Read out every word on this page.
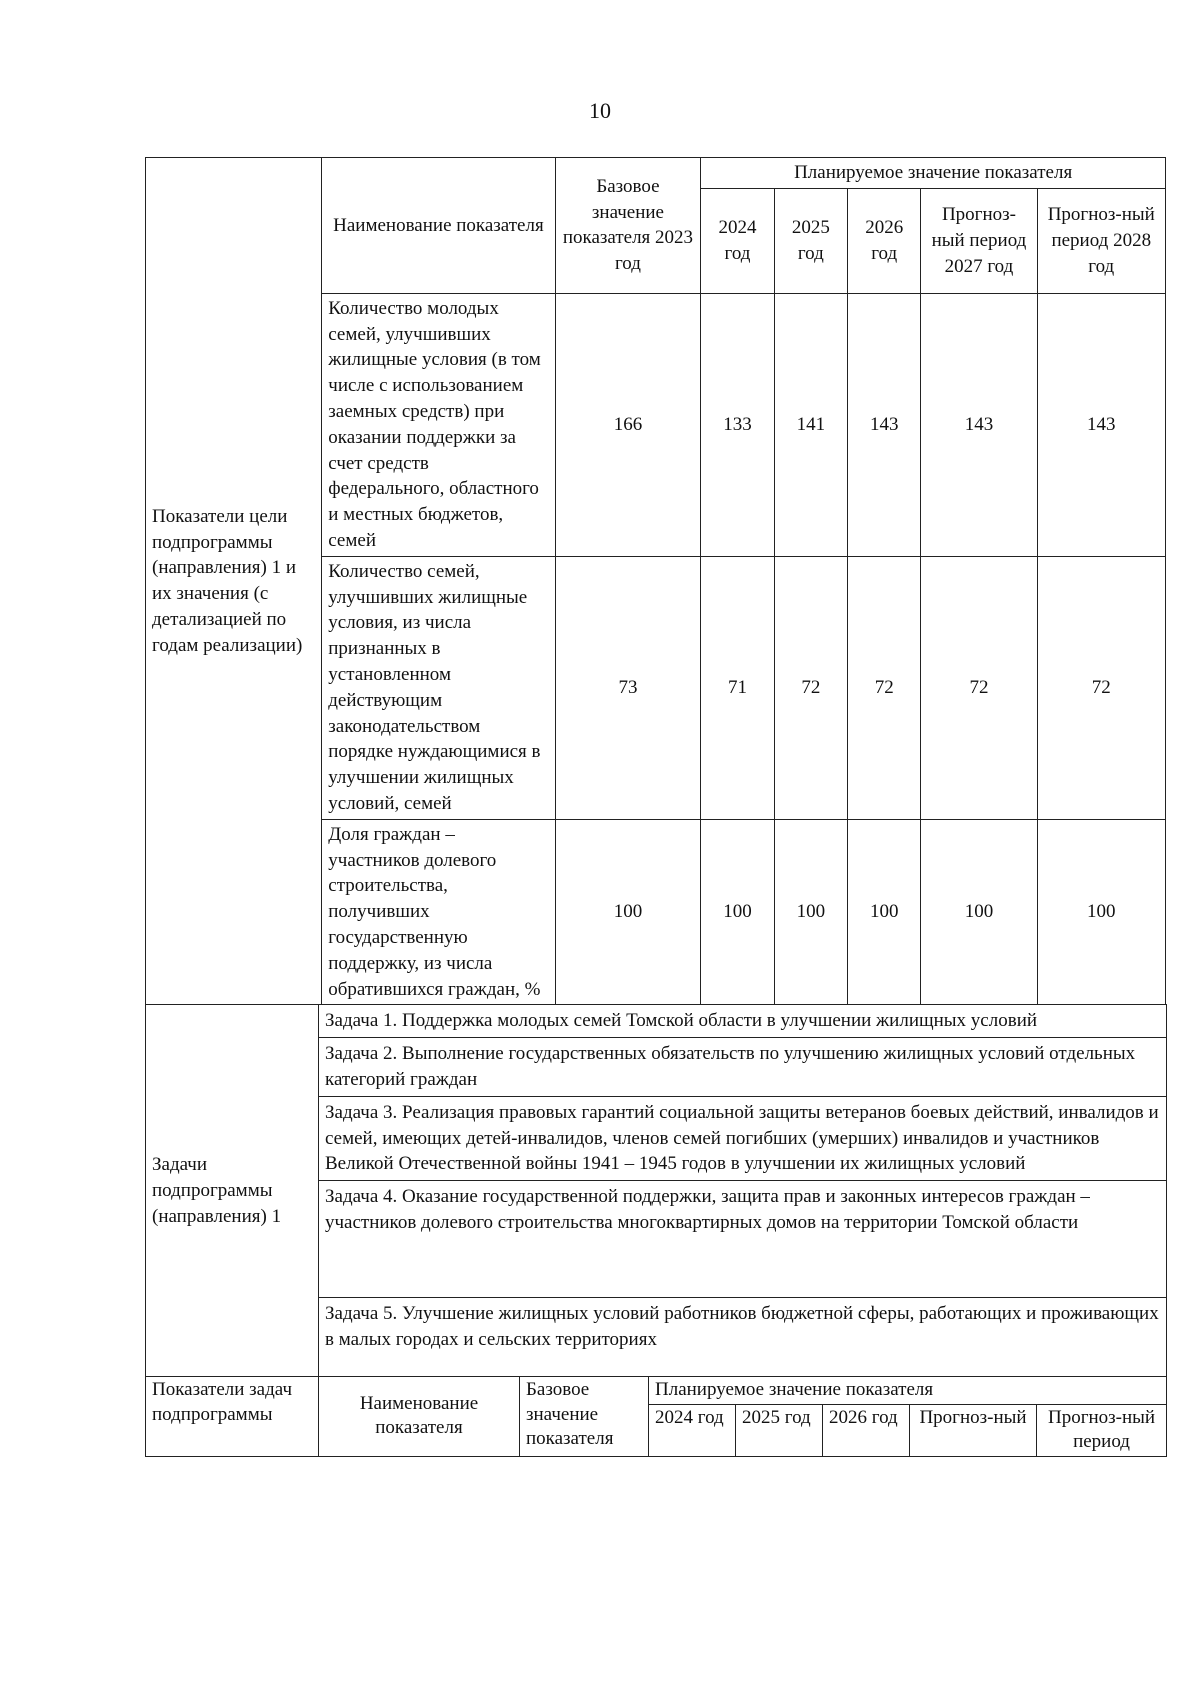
10
Показатели цели подпрограммы (направления) 1 и их значения (с детализацией по годам реализации)	Наименование показателя	Базовое значение показателя 2023 год	Планируемое значение показателя				
			2024 год	2025 год	2026 год	Прогноз-ный период 2027 год	Прогноз-ный период 2028 год
	Количество молодых семей, улучшивших жилищные условия (в том числе с использованием заемных средств) при оказании поддержки за счет средств федерального, областного и местных бюджетов, семей	166	133	141	143	143	143
	Количество семей, улучшивших жилищные условия, из числа признанных в установленном действующим законодательством порядке нуждающимися в улучшении жилищных условий, семей	73	71	72	72	72	72
	Доля граждан – участников долевого строительства, получивших государственную поддержку, из числа обратившихся граждан, %	100	100	100	100	100	100
Задачи подпрограммы (направления) 1	Задача 1. Поддержка молодых семей Томской области в улучшении жилищных условий
Задача 2. Выполнение государственных обязательств по улучшению жилищных условий отдельных категорий граждан
Задача 3. Реализация правовых гарантий социальной защиты ветеранов боевых действий, инвалидов и семей, имеющих детей-инвалидов, членов семей погибших (умерших) инвалидов и участников Великой Отечественной войны 1941 – 1945 годов в улучшении их жилищных условий
Задача 4. Оказание государственной поддержки, защита прав и законных интересов граждан – участников долевого строительства многоквартирных домов на территории Томской области
Задача 5. Улучшение жилищных условий работников бюджетной сферы, работающих и проживающих в малых городах и сельских территориях
Показатели задач подпрограммы	Наименование показателя	Базовое значение показателя	Планируемое значение показателя				
			2024 год	2025 год	2026 год	Прогноз-ный	Прогноз-ный период
